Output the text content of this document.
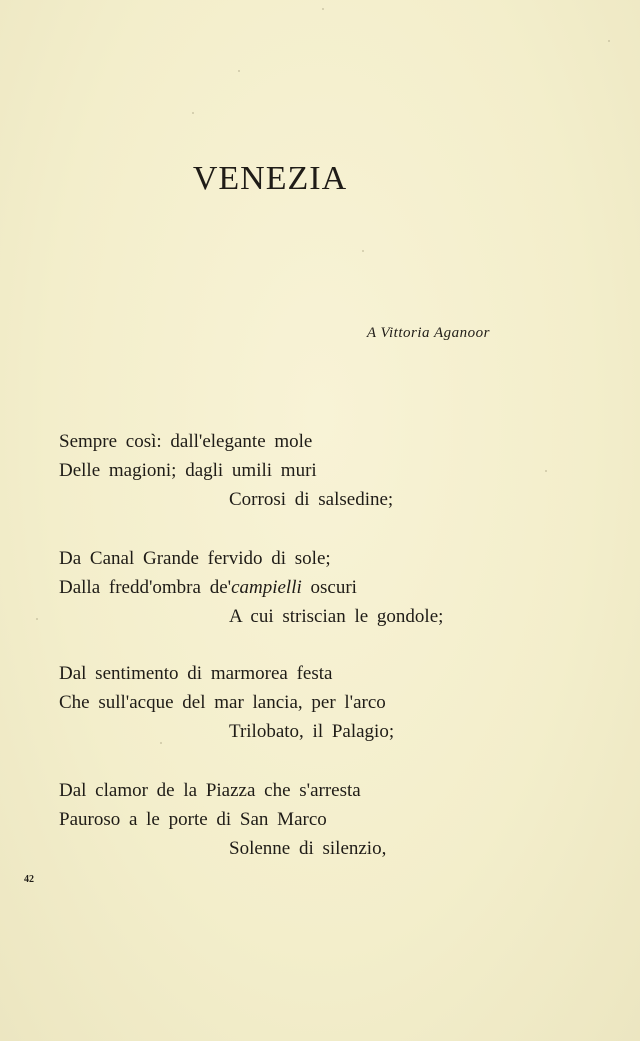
VENEZIA
A Vittoria Aganoor
Sempre così: dall'elegante mole
Delle magioni; dagli umili muri
Corrosi di salsedine;
Da Canal Grande fervido di sole;
Dalla fredd'ombra de'campielli oscuri
A cui striscian le gondole;
Dal sentimento di marmorea festa
Che sull'acque del mar lancia, per l'arco
Trilobato, il Palagio;
Dal clamor de la Piazza che s'arresta
Pauroso a le porte di San Marco
Solenne di silenzio,
42
